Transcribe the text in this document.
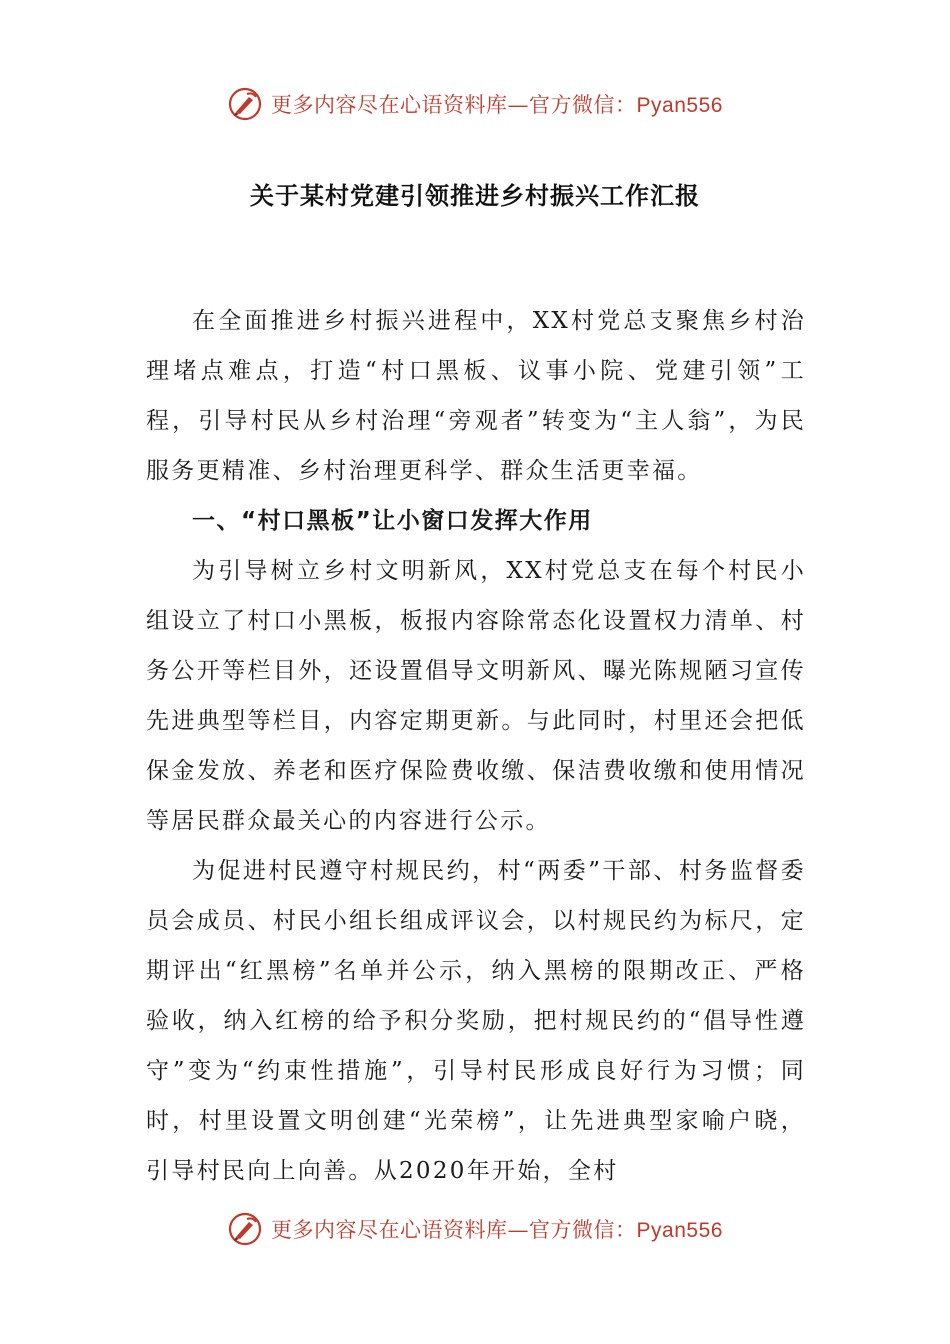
更多内容尽在心语资料库—官方微信：Pyan556
关于某村党建引领推进乡村振兴工作汇报

在全面推进乡村振兴进程中，XX村党总支聚焦乡村治理堵点难点，打造“村口黑板、议事小院、党建引领”工程，引导村民从乡村治理“旁观者”转变为“主人翁”，为民服务更精准、乡村治理更科学、群众生活更幸福。

一、“村口黑板”让小窗口发挥大作用

为引导树立乡村文明新风，XX村党总支在每个村民小组设立了村口小黑板，板报内容除常态化设置权力清单、村务公开等栏目外，还设置倡导文明新风、曝光陈规陋习宣传先进典型等栏目，内容定期更新。与此同时，村里还会把低保金发放、养老和医疗保险费收缴、保洁费收缴和使用情况等居民群众最关心的内容进行公示。

为促进村民遵守村规民约，村“两委”干部、村务监督委员会成员、村民小组长组成评议会，以村规民约为标尺，定期评出“红黑榜”名单并公示，纳入黑榜的限期改正、严格验收，纳入红榜的给予积分奖励，把村规民约的“倡导性遵守”变为“约束性措施”，引导村民形成良好行为习惯；同时，村里设置文明创建“光荣榜”，让先进典型家喻户晓，引导村民向上向善。从2020年开始，全村

更多内容尽在心语资料库—官方微信：Pyan556
